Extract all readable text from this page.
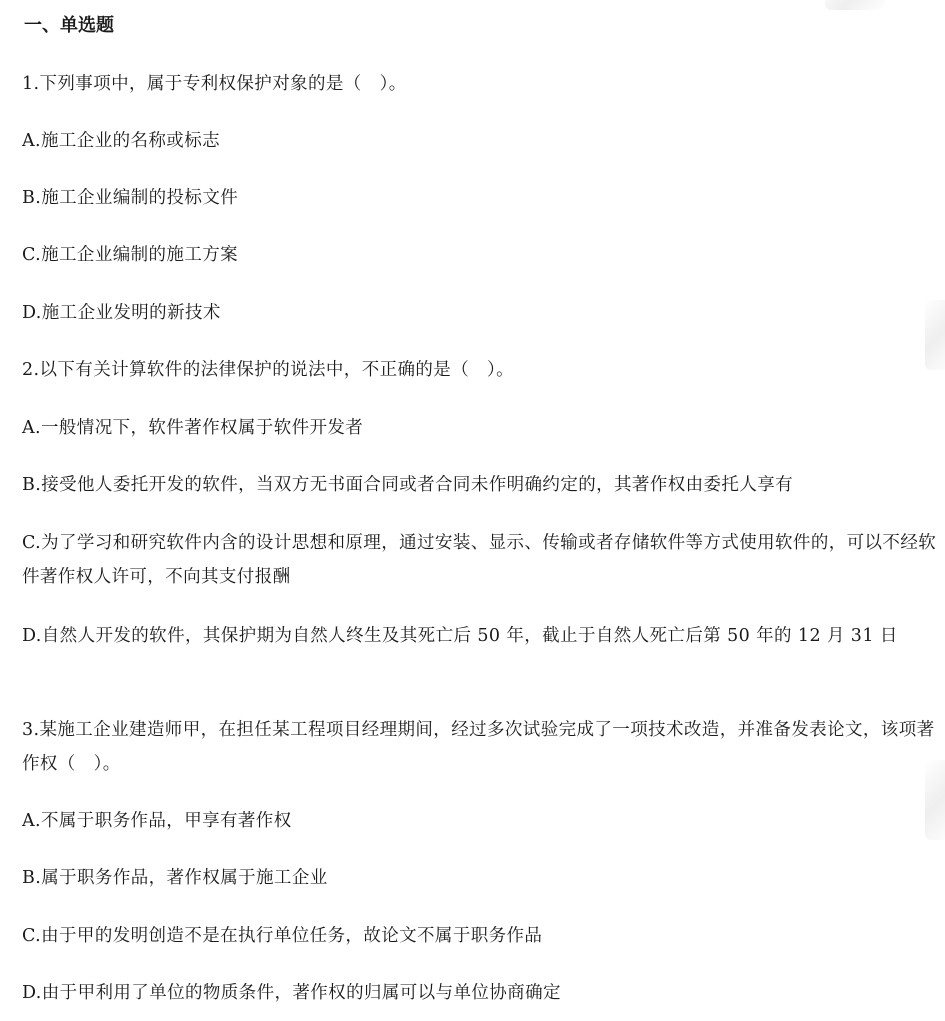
一、单选题

1.下列事项中，属于专利权保护对象的是（　）。

A.施工企业的名称或标志

B.施工企业编制的投标文件

C.施工企业编制的施工方案

D.施工企业发明的新技术

2.以下有关计算软件的法律保护的说法中，不正确的是（　）。

A.一般情况下，软件著作权属于软件开发者

B.接受他人委托开发的软件，当双方无书面合同或者合同未作明确约定的，其著作权由委托人享有

C.为了学习和研究软件内含的设计思想和原理，通过安装、显示、传输或者存储软件等方式使用软件的，可以不经软件著作权人许可，不向其支付报酬

D.自然人开发的软件，其保护期为自然人终生及其死亡后 50 年，截止于自然人死亡后第 50 年的 12 月 31 日

3.某施工企业建造师甲，在担任某工程项目经理期间，经过多次试验完成了一项技术改造，并准备发表论文，该项著作权（　）。

A.不属于职务作品，甲享有著作权

B.属于职务作品，著作权属于施工企业

C.由于甲的发明创造不是在执行单位任务，故论文不属于职务作品

D.由于甲利用了单位的物质条件，著作权的归属可以与单位协商确定
